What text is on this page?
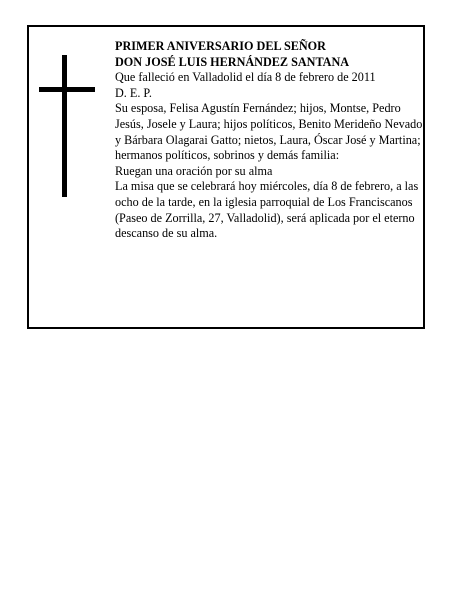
PRIMER ANIVERSARIO DEL SEÑOR

DON JOSÉ LUIS HERNÁNDEZ SANTANA

Que falleció en Valladolid el día 8 de febrero de 2011

D. E. P.

Su esposa, Felisa Agustín Fernández; hijos, Montse, Pedro Jesús, Josele y Laura; hijos políticos, Benito Merideño Nevado y Bárbara Olagarai Gatto; nietos, Laura, Óscar José y Martina; hermanos políticos, sobrinos y demás familia:

Ruegan una oración por su alma

La misa que se celebrará hoy miércoles, día 8 de febrero, a las ocho de la tarde, en la iglesia parroquial de Los Franciscanos (Paseo de Zorrilla, 27, Valladolid), será aplicada por el eterno descanso de su alma.
